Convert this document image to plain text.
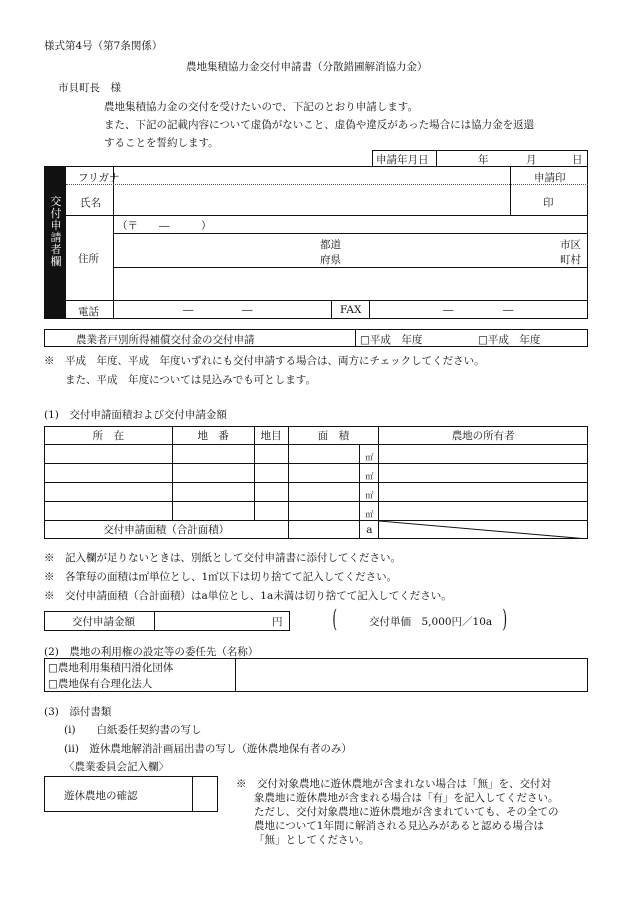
様式第4号（第7条関係）
農地集積協力金交付申請書（分散錯圃解消協力金）
市貝町長　様
農地集積協力金の交付を受けたいので、下記のとおり申請します。
また、下記の記載内容について虚偽がないこと、虚偽や違反があった場合には協力金を返還
することを誓約します。
申請年月日	年	月	日
交付申請者欄
フリガナ	申請印
氏名	印
住所
（〒　　―　　　）
都道
府県
市区
町村
電話	―	―	FAX	―	―
農業者戸別所得補償交付金の交付申請	□平成　年度	□平成　年度
※　平成　年度、平成　年度いずれにも交付申請する場合は、両方にチェックしてください。
　　また、平成　年度については見込みでも可とします。
(1)　交付申請面積および交付申請金額
所　在	地　番	地目	面　積		農地の所有者
				㎡	
				㎡	
				㎡	
				㎡	
交付申請面積（合計面積）				a	
※　記入欄が足りないときは、別紙として交付申請書に添付してください。
※　各筆毎の面積は㎡単位とし、1㎡以下は切り捨てて記入してください。
※　交付申請面積（合計面積）はa単位とし、1a未満は切り捨てて記入してください。
交付申請金額	円 (	交付単価　5,000円／10a )
(2)　農地の利用権の設定等の委任先（名称）
□農地利用集積円滑化団体
□農地保有合理化法人
(3)　添付書類
(i)　　白紙委任契約書の写し
(ii)　遊休農地解消計画届出書の写し（遊休農地保有者のみ）
〈農業委員会記入欄〉
遊休農地の確認
※　交付対象農地に遊休農地が含まれない場合は「無」を、交付対
象農地に遊休農地が含まれる場合は「有」を記入してください。
ただし、交付対象農地に遊休農地が含まれていても、その全ての
農地について1年間に解消される見込みがあると認める場合は
「無」としてください。
